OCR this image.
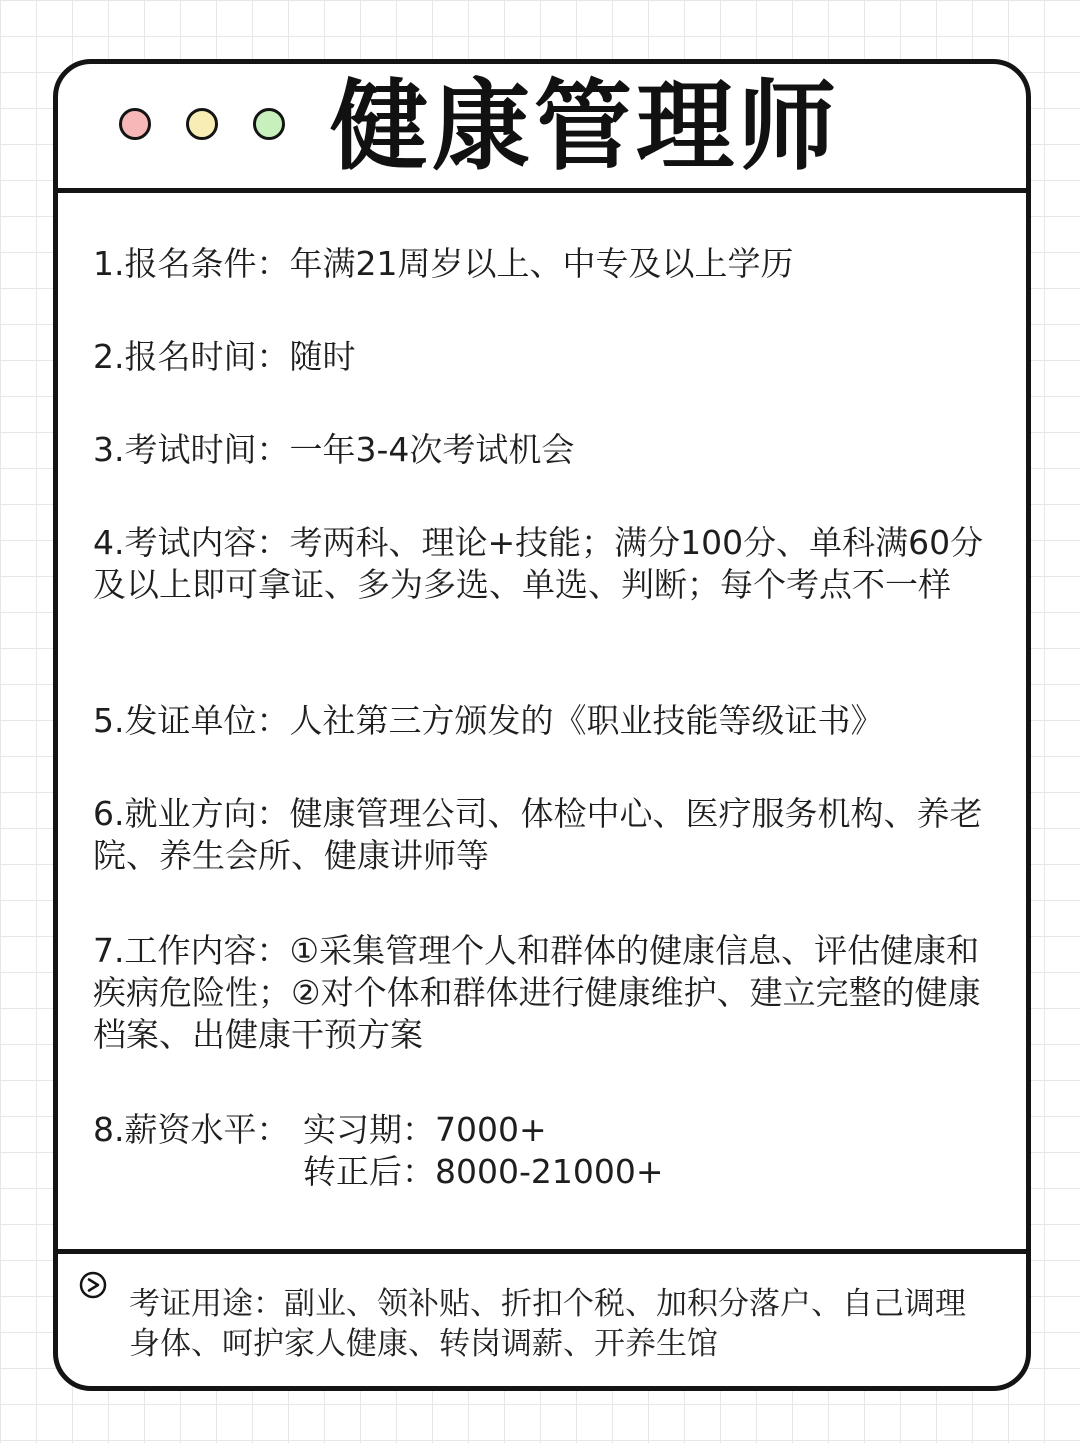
健康管理师
1.报名条件：年满21周岁以上、中专及以上学历
2.报名时间：随时
3.考试时间：一年3-4次考试机会
4.考试内容：考两科、理论+技能；满分100分、单科满60分及以上即可拿证、多为多选、单选、判断；每个考点不一样
5.发证单位：人社第三方颁发的《职业技能等级证书》
6.就业方向：健康管理公司、体检中心、医疗服务机构、养老院、养生会所、健康讲师等
7.工作内容：①采集管理个人和群体的健康信息、评估健康和疾病危险性；②对个体和群体进行健康维护、建立完整的健康档案、出健康干预方案
8.薪资水平： 实习期：7000+
转正后：8000-21000+
考证用途：副业、领补贴、折扣个税、加积分落户、自己调理身体、呵护家人健康、转岗调薪、开养生馆
